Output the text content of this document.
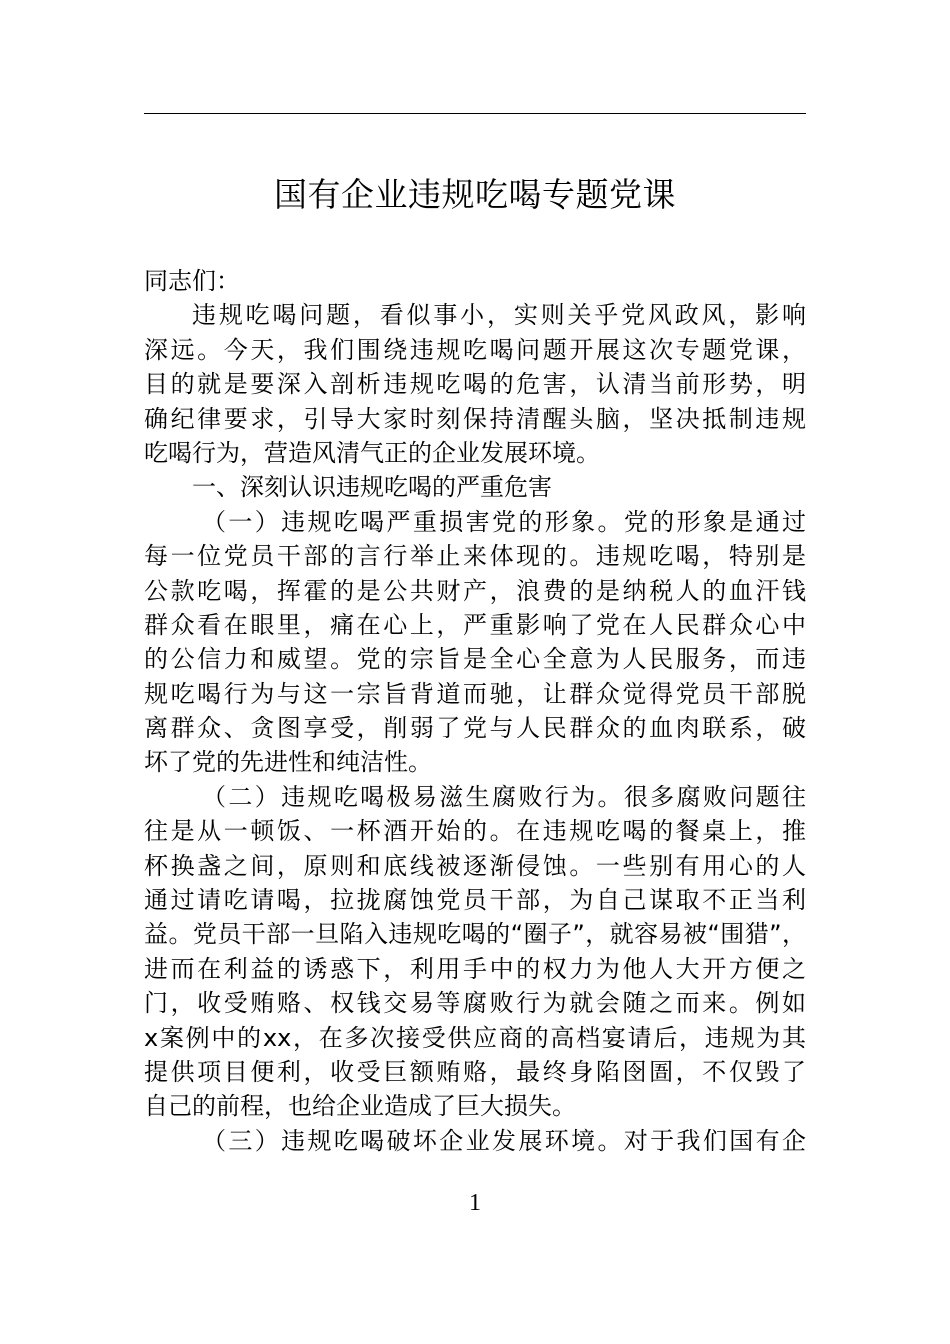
国有企业违规吃喝专题党课
同志们：
违规吃喝问题，看似事小，实则关乎党风政风，影响
深远。今天，我们围绕违规吃喝问题开展这次专题党课，
目的就是要深入剖析违规吃喝的危害，认清当前形势，明
确纪律要求，引导大家时刻保持清醒头脑，坚决抵制违规
吃喝行为，营造风清气正的企业发展环境。
一、深刻认识违规吃喝的严重危害
（一）违规吃喝严重损害党的形象。党的形象是通过
每一位党员干部的言行举止来体现的。违规吃喝，特别是
公款吃喝，挥霍的是公共财产，浪费的是纳税人的血汗钱
群众看在眼里，痛在心上，严重影响了党在人民群众心中
的公信力和威望。党的宗旨是全心全意为人民服务，而违
规吃喝行为与这一宗旨背道而驰，让群众觉得党员干部脱
离群众、贪图享受，削弱了党与人民群众的血肉联系，破
坏了党的先进性和纯洁性。
（二）违规吃喝极易滋生腐败行为。很多腐败问题往
往是从一顿饭、一杯酒开始的。在违规吃喝的餐桌上，推
杯换盏之间，原则和底线被逐渐侵蚀。一些别有用心的人
通过请吃请喝，拉拢腐蚀党员干部，为自己谋取不正当利
益。党员干部一旦陷入违规吃喝的“圈子”，就容易被“围猎”，
进而在利益的诱惑下，利用手中的权力为他人大开方便之
门，收受贿赂、权钱交易等腐败行为就会随之而来。例如
x案例中的xx，在多次接受供应商的高档宴请后，违规为其
提供项目便利，收受巨额贿赂，最终身陷囹圄，不仅毁了
自己的前程，也给企业造成了巨大损失。
（三）违规吃喝破坏企业发展环境。对于我们国有企
1
